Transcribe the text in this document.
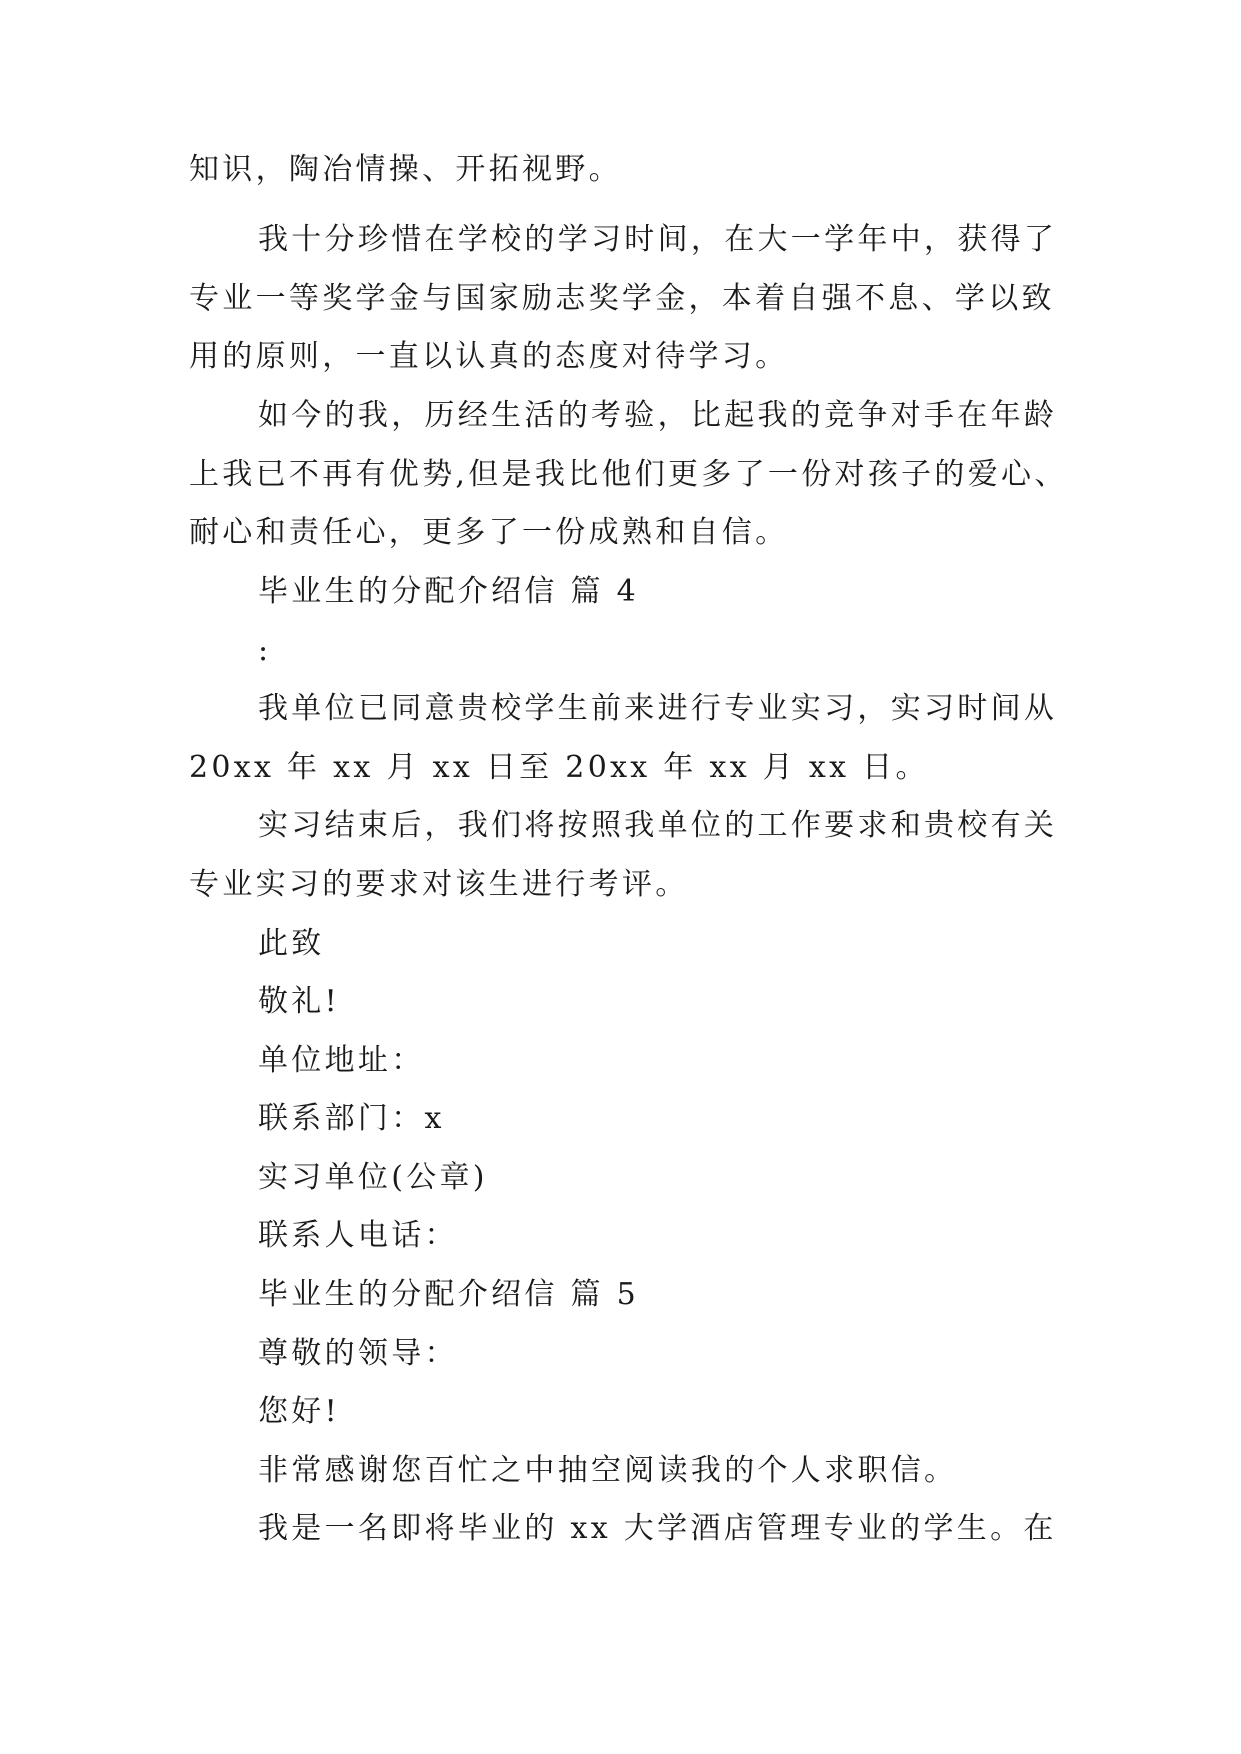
知识，陶冶情操、开拓视野。
我十分珍惜在学校的学习时间，在大一学年中，获得了
专业一等奖学金与国家励志奖学金，本着自强不息、学以致
用的原则，一直以认真的态度对待学习。
如今的我，历经生活的考验，比起我的竞争对手在年龄
上我已不再有优势,但是我比他们更多了一份对孩子的爱心、
耐心和责任心，更多了一份成熟和自信。
毕业生的分配介绍信 篇 4
:
我单位已同意贵校学生前来进行专业实习，实习时间从
20xx 年 xx 月 xx 日至 20xx 年 xx 月 xx 日。
实习结束后，我们将按照我单位的工作要求和贵校有关
专业实习的要求对该生进行考评。
此致
敬礼!
单位地址：
联系部门：x
实习单位(公章)
联系人电话：
毕业生的分配介绍信 篇 5
尊敬的领导：
您好!
非常感谢您百忙之中抽空阅读我的个人求职信。
我是一名即将毕业的 xx 大学酒店管理专业的学生。在
